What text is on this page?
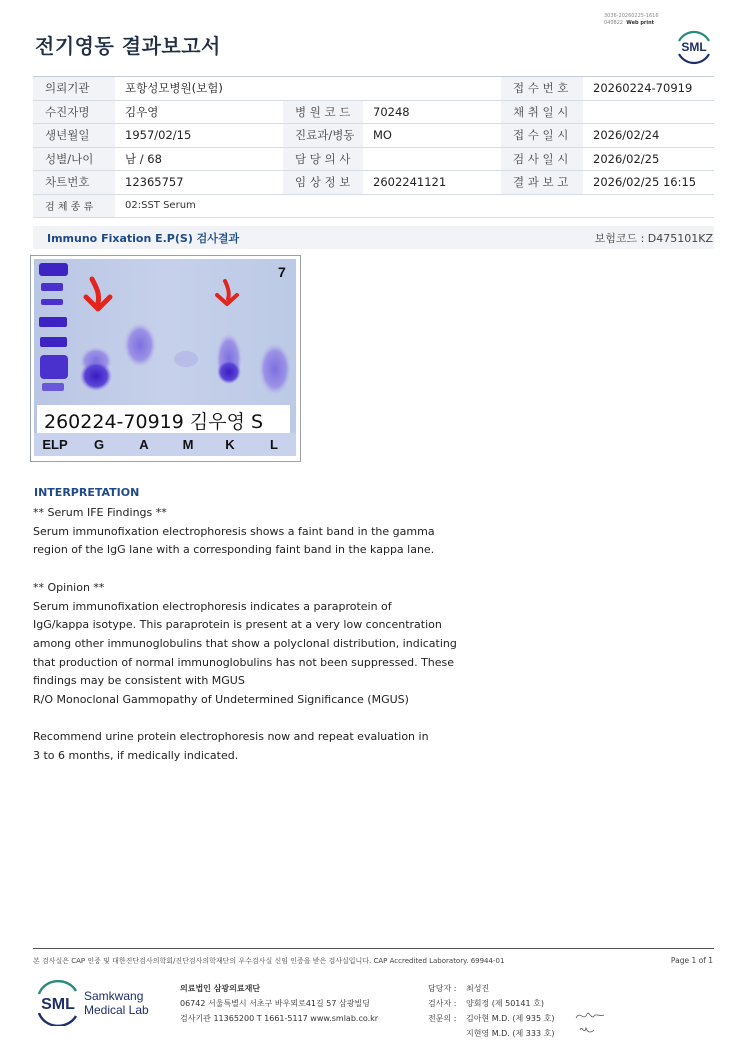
3036-20260225-1616
040822 Web print
전기영동 결과보고서	SML
의뢰기관	포항성모병원(보험)			접 수 번 호	20260224-70919
수진자명	김우영	병 원 코 드	70248	채 취 일 시	
생년월일	1957/02/15	진료과/병동	MO	접 수 일 시	2026/02/24
성별/나이	남 / 68	담 당 의 사		검 사 일 시	2026/02/25
차트번호	12365757	임 상 정 보	2602241121	결 과 보 고	2026/02/25 16:15
검 체 종 류	02:SST Serum				
Immuno Fixation E.P(S) 검사결과	보험코드 : D475101KZ
7
260224-70919 김우영 S
ELP G	A	M K	L
INTERPRETATION
** Serum IFE Findings **
Serum immunofixation electrophoresis shows a faint band in the gamma
region of the IgG lane with a corresponding faint band in the kappa lane.
** Opinion **
Serum immunofixation electrophoresis indicates a paraprotein of
IgG/kappa isotype. This paraprotein is present at a very low concentration
among other immunoglobulins that show a polyclonal distribution, indicating
that production of normal immunoglobulins has not been suppressed. These
findings may be consistent with MGUS
R/O Monoclonal Gammopathy of Undetermined Significance (MGUS)
Recommend urine protein electrophoresis now and repeat evaluation in
3 to 6 months, if medically indicated.
본 검사실은 CAP 인증 및 대한진단검사의학회/진단검사의학재단의 우수검사실 신임 인증을 받은 검사실입니다. CAP Accredited Laboratory. 69944-01	Page 1 of 1
SML Samkwang
Medical Lab
의료법인 삼광의료재단
06742 서울특별시 서초구 바우뫼로41길 57 삼광빌딩
검사기관 11365200 T 1661-5117 www.smlab.co.kr
담당자 :	최성진
검사자 :	양회정 (제 50141 호)
전문의 :	김아현 M.D. (제 935 호)
지현영 M.D. (제 333 호)
